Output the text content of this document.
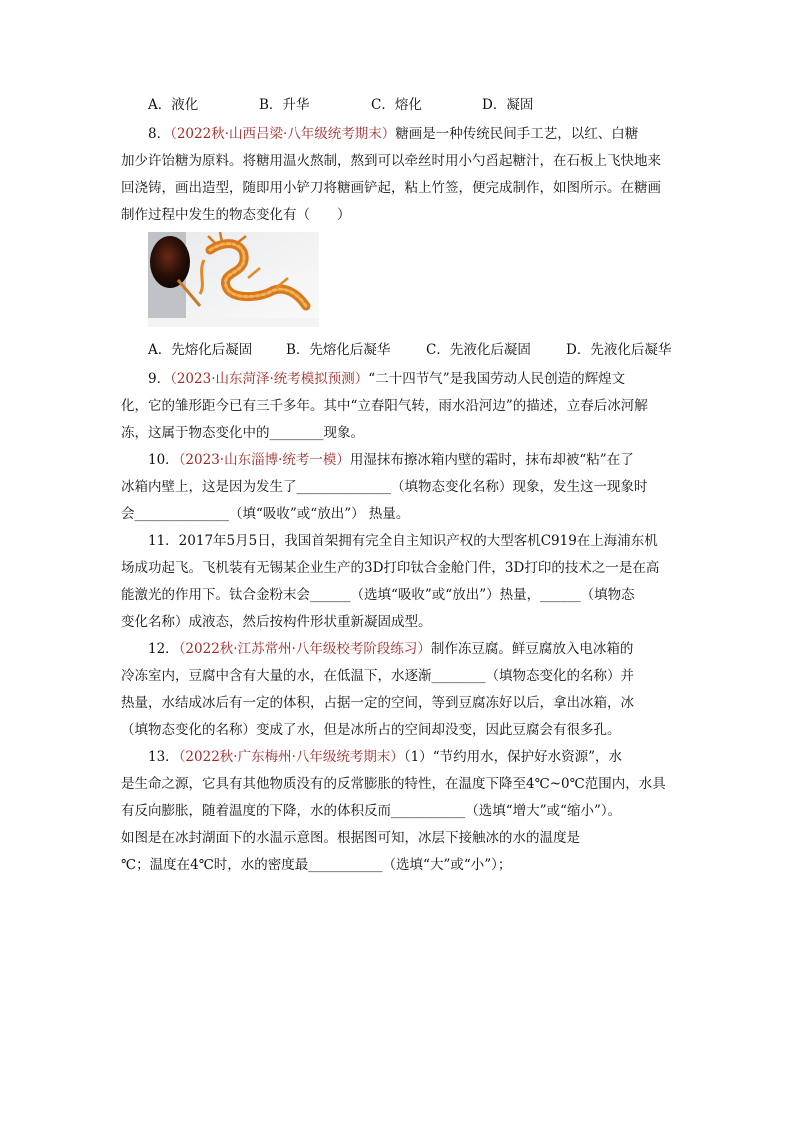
A．液化	B．升华	C．熔化	D．凝固
8．（2022秋·山西吕梁·八年级统考期末）糖画是一种传统民间手工艺，以红、白糖
加少许饴糖为原料。将糖用温火熬制，熬到可以牵丝时用小勺舀起糖汁，在石板上飞快地来
回浇铸，画出造型，随即用小铲刀将糖画铲起，粘上竹签，便完成制作，如图所示。在糖画
制作过程中发生的物态变化有（　　）
A．先熔化后凝固	B．先熔化后凝华	C．先液化后凝固	D．先液化后凝华
9．（2023·山东菏泽·统考模拟预测）“二十四节气”是我国劳动人民创造的辉煌文
化，它的雏形距今已有三千多年。其中“立春阳气转，雨水沿河边”的描述，立春后冰河解
冻，这属于物态变化中的________现象。
10．（2023·山东淄博·统考一模）用湿抹布擦冰箱内壁的霜时，抹布却被“粘”在了
冰箱内壁上，这是因为发生了______________（填物态变化名称）现象，发生这一现象时
会______________（填“吸收”或“放出”） 热量。
11．2017年5月5日，我国首架拥有完全自主知识产权的大型客机C919在上海浦东机
场成功起飞。飞机装有无锡某企业生产的3D打印钛合金舱门件，3D打印的技术之一是在高
能激光的作用下。钛合金粉末会______（选填“吸收”或“放出”）热量，______（填物态
变化名称）成液态，然后按构件形状重新凝固成型。
12．（2022秋·江苏常州·八年级校考阶段练习）制作冻豆腐。鲜豆腐放入电冰箱的
冷冻室内，豆腐中含有大量的水，在低温下，水逐渐________（填物态变化的名称）并
热量，水结成冰后有一定的体积，占据一定的空间，等到豆腐冻好以后，拿出冰箱，冰
（填物态变化的名称）变成了水，但是冰所占的空间却没变，因此豆腐会有很多孔。
13．（2022秋·广东梅州·八年级统考期末）（1）“节约用水，保护好水资源”，水
是生命之源，它具有其他物质没有的反常膨胀的特性，在温度下降至4℃~0℃范围内，水具
有反向膨胀，随着温度的下降，水的体积反而___________（选填“增大”或“缩小”）。
如图是在冰封湖面下的水温示意图。根据图可知，冰层下接触冰的水的温度是
℃；温度在4℃时，水的密度最___________（选填“大”或“小”）；
